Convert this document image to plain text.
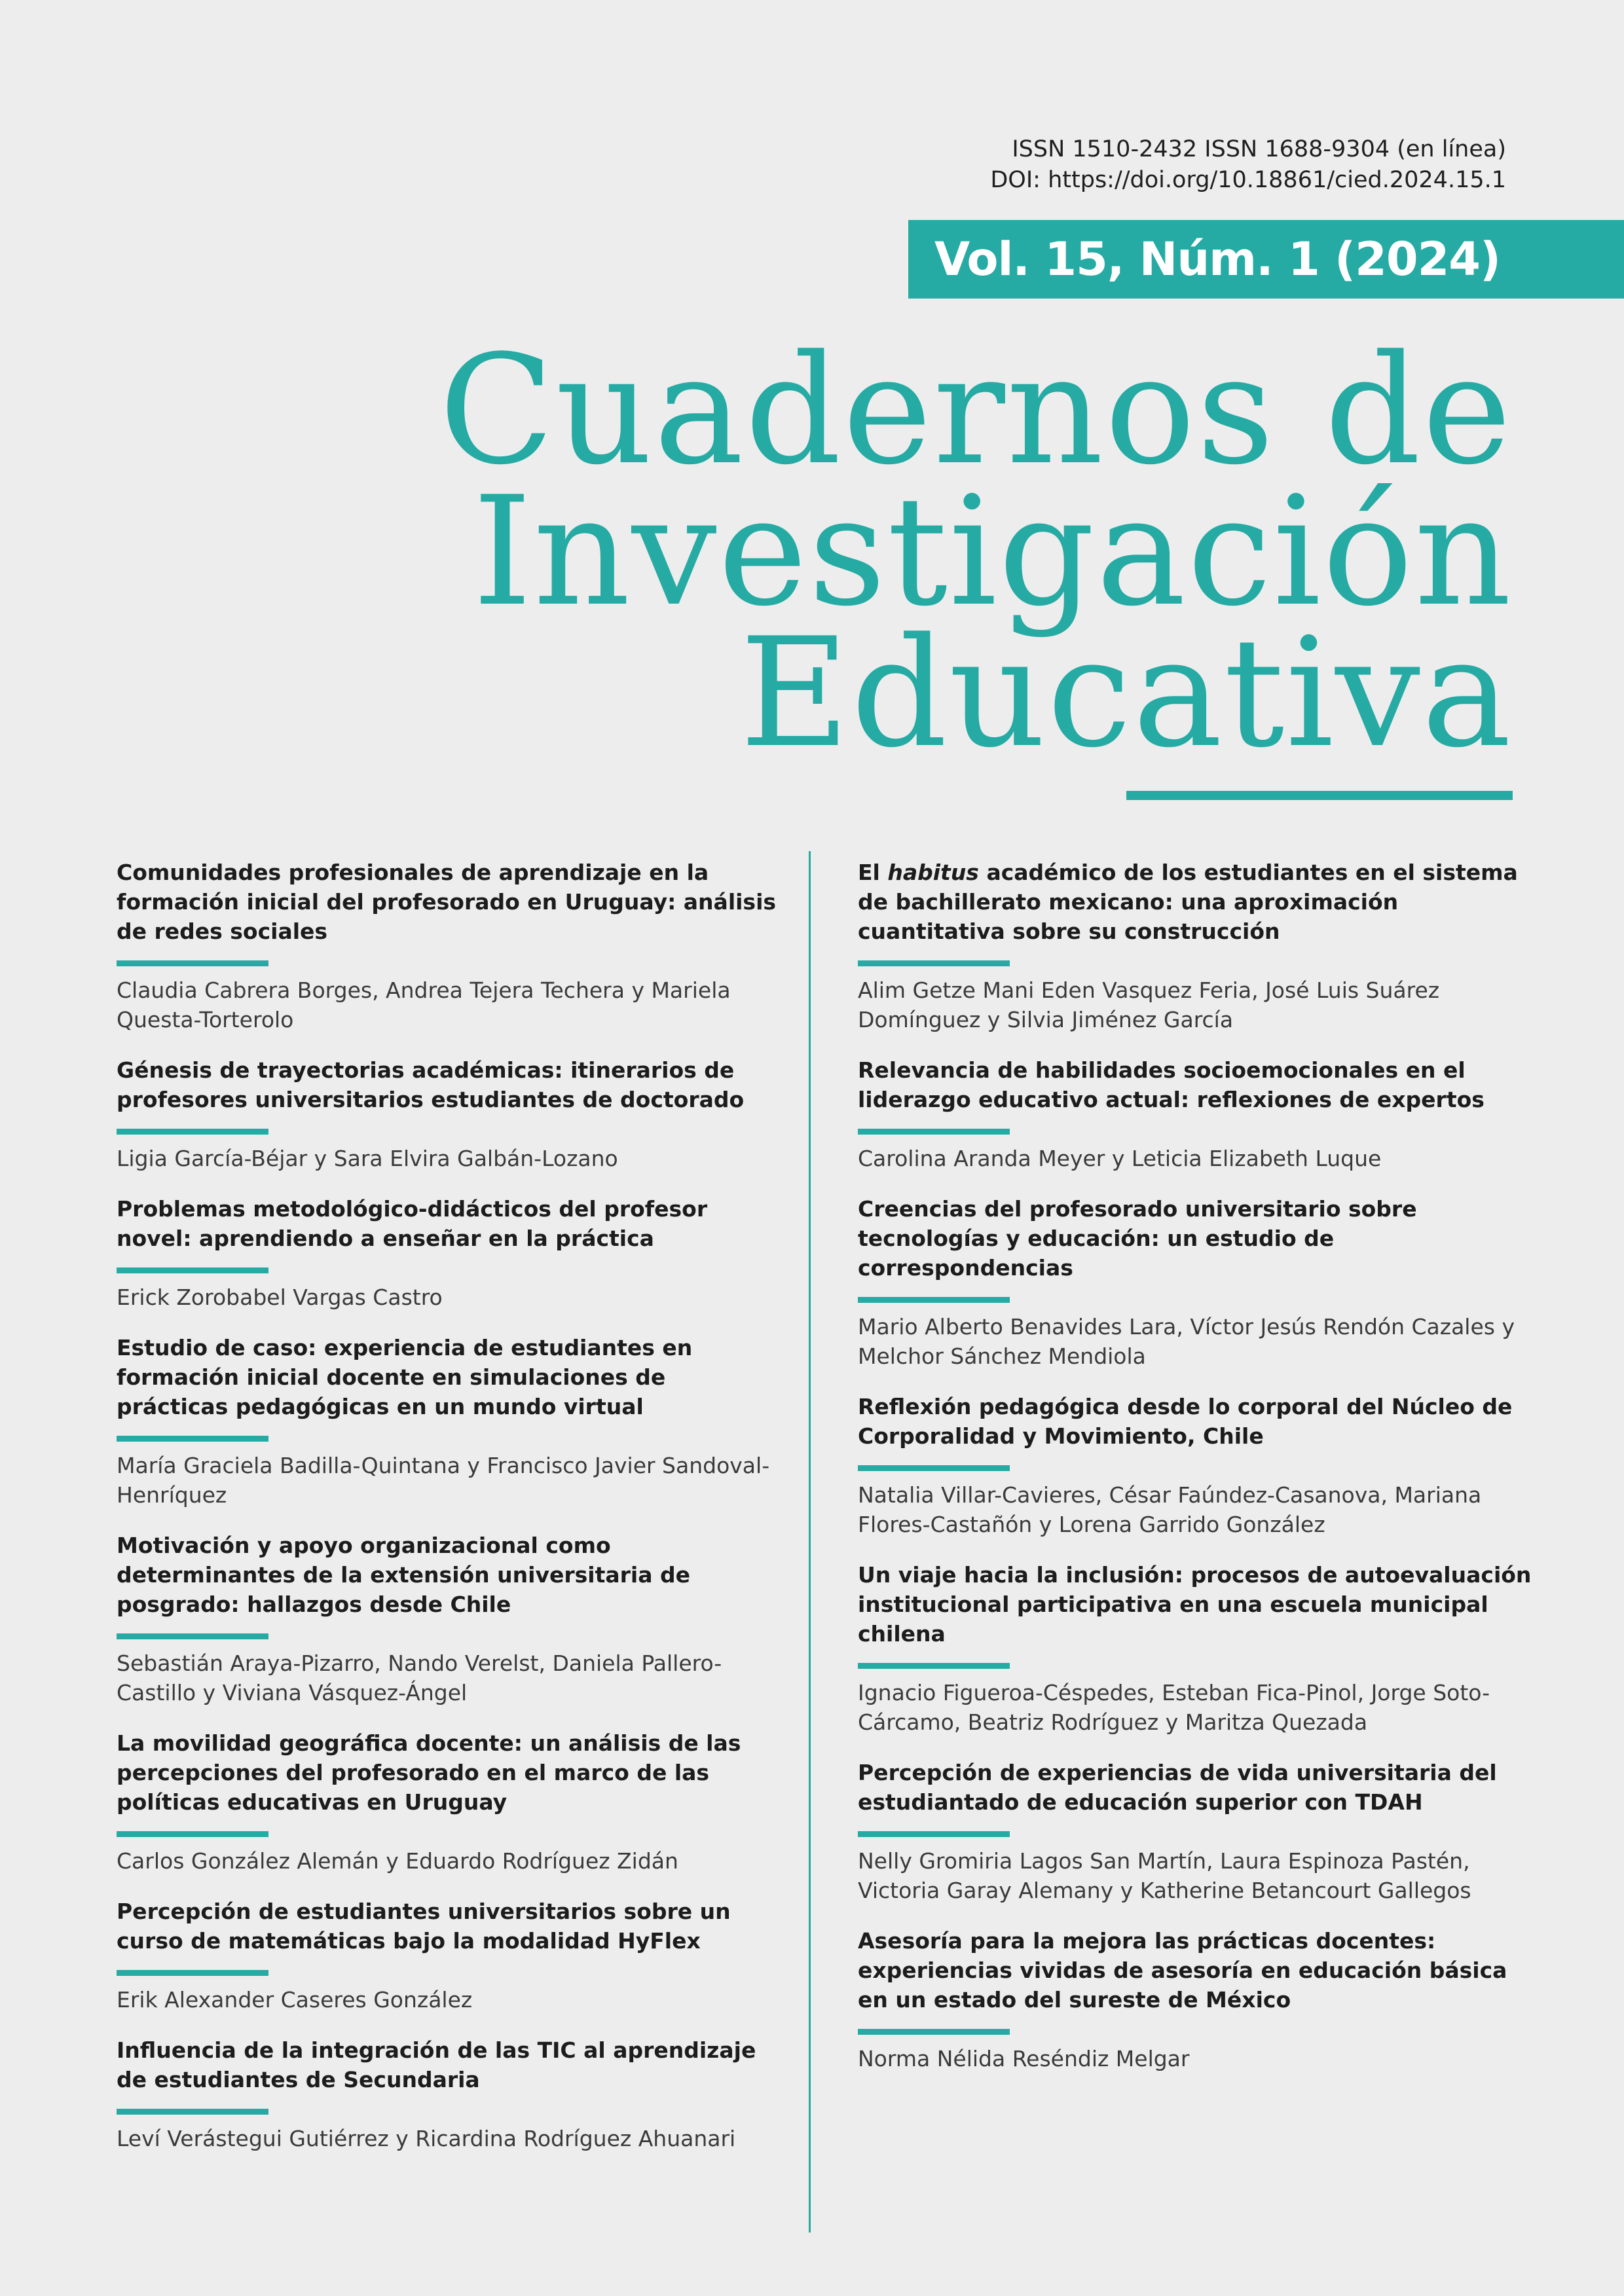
ISSN 1510-2432 ISSN 1688-9304 (en línea)
DOI: https://doi.org/10.18861/cied.2024.15.1
Vol. 15, Núm. 1 (2024)
Cuadernos de
Investigación
Educativa
Comunidades profesionales de aprendizaje en la formación inicial del profesorado en Uruguay: análisis de redes sociales
Claudia Cabrera Borges, Andrea Tejera Techera y Mariela Questa-Torterolo
Génesis de trayectorias académicas: itinerarios de profesores universitarios estudiantes de doctorado
Ligia García-Béjar y Sara Elvira Galbán-Lozano
Problemas metodológico-didácticos del profesor novel: aprendiendo a enseñar en la práctica
Erick Zorobabel Vargas Castro
Estudio de caso: experiencia de estudiantes en formación inicial docente en simulaciones de prácticas pedagógicas en un mundo virtual
María Graciela Badilla-Quintana y Francisco Javier Sandoval-Henríquez
Motivación y apoyo organizacional como determinantes de la extensión universitaria de posgrado: hallazgos desde Chile
Sebastián Araya-Pizarro, Nando Verelst, Daniela Pallero-Castillo y Viviana Vásquez-Ángel
La movilidad geográfica docente: un análisis de las percepciones del profesorado en el marco de las políticas educativas en Uruguay
Carlos González Alemán y Eduardo Rodríguez Zidán
Percepción de estudiantes universitarios sobre un curso de matemáticas bajo la modalidad HyFlex
Erik Alexander Caseres González
Influencia de la integración de las TIC al aprendizaje de estudiantes de Secundaria
Leví Verástegui Gutiérrez y Ricardina Rodríguez Ahuanari
El habitus académico de los estudiantes en el sistema de bachillerato mexicano: una aproximación cuantitativa sobre su construcción
Alim Getze Mani Eden Vasquez Feria, José Luis Suárez Domínguez y Silvia Jiménez García
Relevancia de habilidades socioemocionales en el liderazgo educativo actual: reflexiones de expertos
Carolina Aranda Meyer y Leticia Elizabeth Luque
Creencias del profesorado universitario sobre tecnologías y educación: un estudio de correspondencias
Mario Alberto Benavides Lara, Víctor Jesús Rendón Cazales y Melchor Sánchez Mendiola
Reflexión pedagógica desde lo corporal del Núcleo de Corporalidad y Movimiento, Chile
Natalia Villar-Cavieres, César Faúndez-Casanova, Mariana Flores-Castañón y Lorena Garrido González
Un viaje hacia la inclusión: procesos de autoevaluación institucional participativa en una escuela municipal chilena
Ignacio Figueroa-Céspedes, Esteban Fica-Pinol, Jorge Soto-Cárcamo, Beatriz Rodríguez y Maritza Quezada
Percepción de experiencias de vida universitaria del estudiantado de educación superior con TDAH
Nelly Gromiria Lagos San Martín, Laura Espinoza Pastén, Victoria Garay Alemany y Katherine Betancourt Gallegos
Asesoría para la mejora las prácticas docentes: experiencias vividas de asesoría en educación básica en un estado del sureste de México
Norma Nélida Reséndiz Melgar
